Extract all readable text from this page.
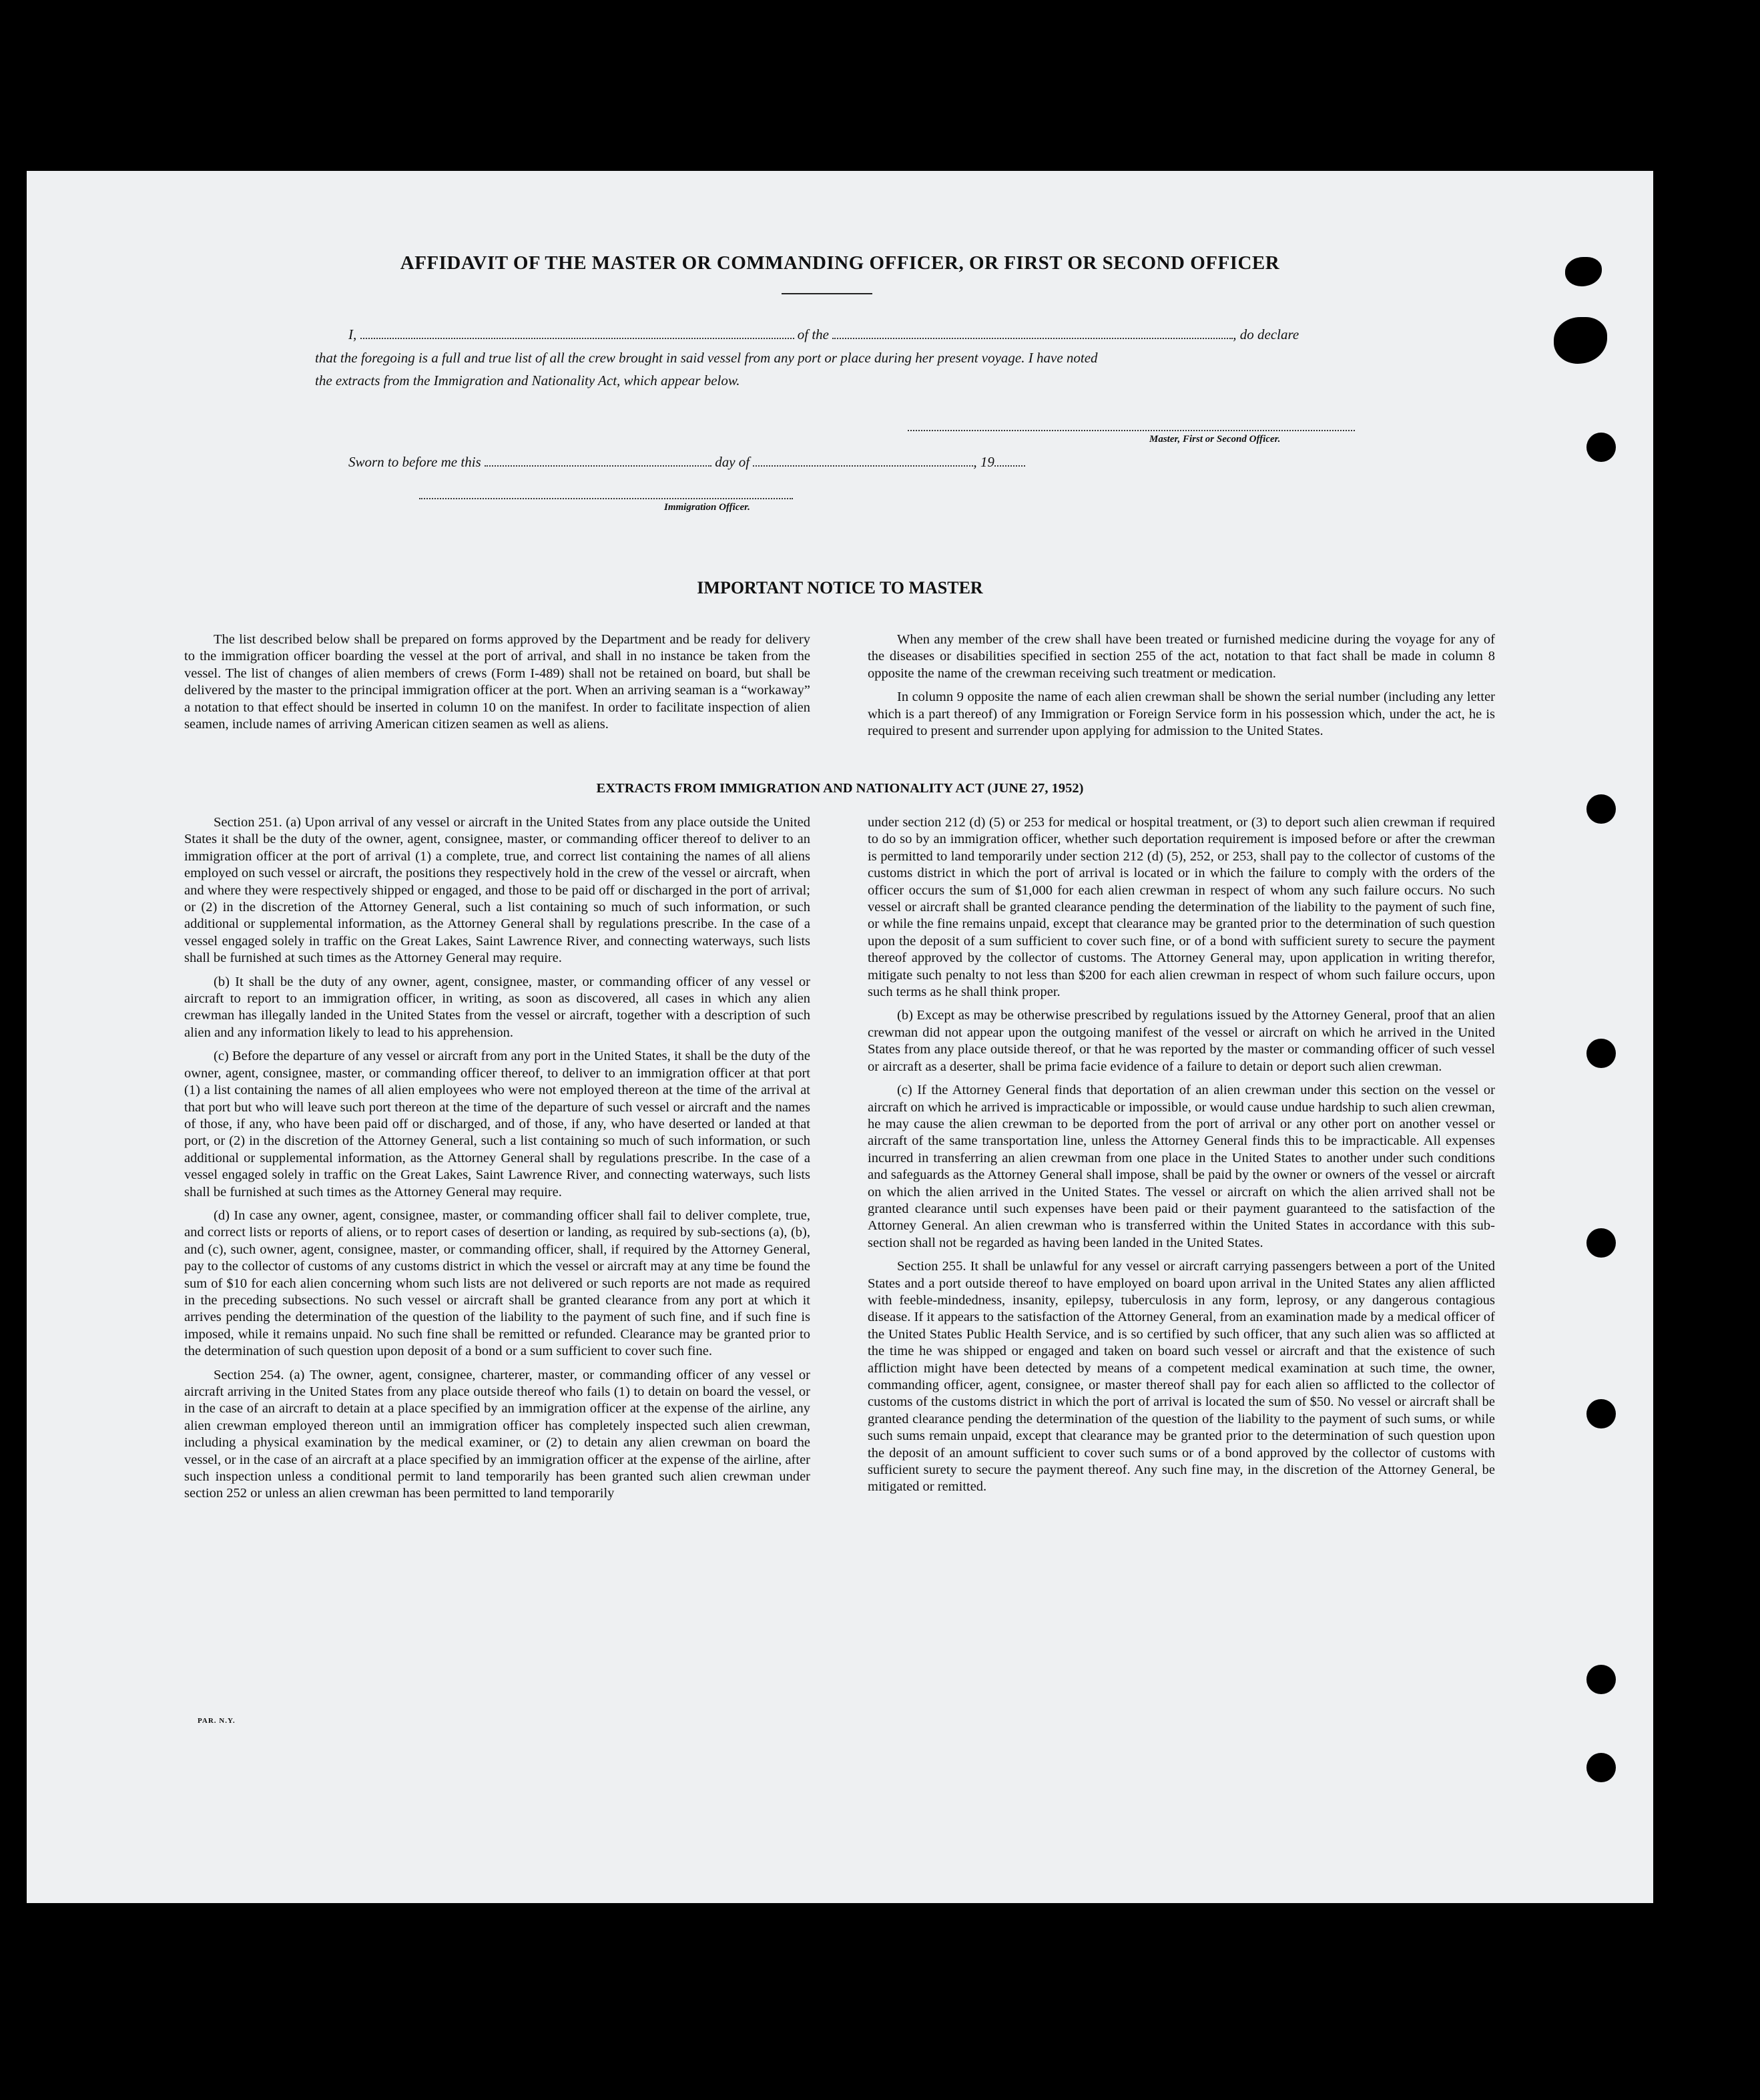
AFFIDAVIT OF THE MASTER OR COMMANDING OFFICER, OR FIRST OR SECOND OFFICER
I,	of the	, do declare
that the foregoing is a full and true list of all the crew brought in said vessel from any port or place during her present voyage. I have noted
the extracts from the Immigration and Nationality Act, which appear below.
Master, First or Second Officer.
Sworn to before me this	day of	, 19
Immigration Officer.
IMPORTANT NOTICE TO MASTER

The list described below shall be prepared on forms approved by the Department and be ready for delivery to the immigration officer boarding the vessel at the port of arrival, and shall in no instance be taken from the vessel. The list of changes of alien members of crews (Form I-489) shall not be retained on board, but shall be delivered by the master to the principal immigration officer at the port. When an arriving seaman is a “workaway” a notation to that effect should be inserted in column 10 on the manifest. In order to facilitate inspection of alien seamen, include names of arriving American citizen seamen as well as aliens.

When any member of the crew shall have been treated or furnished medicine during the voyage for any of the diseases or disabilities specified in section 255 of the act, notation to that fact shall be made in column 8 opposite the name of the crewman receiving such treatment or medication.

In column 9 opposite the name of each alien crewman shall be shown the serial number (including any letter which is a part thereof) of any Immigration or Foreign Service form in his possession which, under the act, he is required to present and surrender upon applying for admission to the United States.

EXTRACTS FROM IMMIGRATION AND NATIONALITY ACT (JUNE 27, 1952)

Section 251. (a) Upon arrival of any vessel or aircraft in the United States from any place outside the United States it shall be the duty of the owner, agent, consignee, master, or commanding officer thereof to deliver to an immigration officer at the port of arrival (1) a complete, true, and correct list containing the names of all aliens employed on such vessel or aircraft, the positions they respectively hold in the crew of the vessel or aircraft, when and where they were respectively shipped or engaged, and those to be paid off or discharged in the port of arrival; or (2) in the discretion of the Attorney General, such a list containing so much of such information, or such additional or supplemental information, as the Attorney General shall by regulations prescribe. In the case of a vessel engaged solely in traffic on the Great Lakes, Saint Lawrence River, and connecting waterways, such lists shall be furnished at such times as the Attorney General may require.

(b) It shall be the duty of any owner, agent, consignee, master, or commanding officer of any vessel or aircraft to report to an immigration officer, in writing, as soon as discovered, all cases in which any alien crewman has illegally landed in the United States from the vessel or aircraft, together with a description of such alien and any information likely to lead to his apprehension.

(c) Before the departure of any vessel or aircraft from any port in the United States, it shall be the duty of the owner, agent, consignee, master, or commanding officer thereof, to deliver to an immigration officer at that port (1) a list containing the names of all alien employees who were not employed thereon at the time of the arrival at that port but who will leave such port thereon at the time of the departure of such vessel or aircraft and the names of those, if any, who have been paid off or discharged, and of those, if any, who have deserted or landed at that port, or (2) in the discretion of the Attorney General, such a list containing so much of such information, or such additional or supplemental information, as the Attorney General shall by regulations prescribe. In the case of a vessel engaged solely in traffic on the Great Lakes, Saint Lawrence River, and connecting waterways, such lists shall be furnished at such times as the Attorney General may require.

(d) In case any owner, agent, consignee, master, or commanding officer shall fail to deliver complete, true, and correct lists or reports of aliens, or to report cases of desertion or landing, as required by sub-sections (a), (b), and (c), such owner, agent, consignee, master, or commanding officer, shall, if required by the Attorney General, pay to the collector of customs of any customs district in which the vessel or aircraft may at any time be found the sum of $10 for each alien concerning whom such lists are not delivered or such reports are not made as required in the preceding subsections. No such vessel or aircraft shall be granted clearance from any port at which it arrives pending the determination of the question of the liability to the payment of such fine, and if such fine is imposed, while it remains unpaid. No such fine shall be remitted or refunded. Clearance may be granted prior to the determination of such question upon deposit of a bond or a sum sufficient to cover such fine.

Section 254. (a) The owner, agent, consignee, charterer, master, or commanding officer of any vessel or aircraft arriving in the United States from any place outside thereof who fails (1) to detain on board the vessel, or in the case of an aircraft to detain at a place specified by an immigration officer at the expense of the airline, any alien crewman employed thereon until an immigration officer has completely inspected such alien crewman, including a physical examination by the medical examiner, or (2) to detain any alien crewman on board the vessel, or in the case of an aircraft at a place specified by an immigration officer at the expense of the airline, after such inspection unless a conditional permit to land temporarily has been granted such alien crewman under section 252 or unless an alien crewman has been permitted to land temporarily

under section 212 (d) (5) or 253 for medical or hospital treatment, or (3) to deport such alien crewman if required to do so by an immigration officer, whether such deportation requirement is imposed before or after the crewman is permitted to land temporarily under section 212 (d) (5), 252, or 253, shall pay to the collector of customs of the customs district in which the port of arrival is located or in which the failure to comply with the orders of the officer occurs the sum of $1,000 for each alien crewman in respect of whom any such failure occurs. No such vessel or aircraft shall be granted clearance pending the determination of the liability to the payment of such fine, or while the fine remains unpaid, except that clearance may be granted prior to the determination of such question upon the deposit of a sum sufficient to cover such fine, or of a bond with sufficient surety to secure the payment thereof approved by the collector of customs. The Attorney General may, upon application in writing therefor, mitigate such penalty to not less than $200 for each alien crewman in respect of whom such failure occurs, upon such terms as he shall think proper.

(b) Except as may be otherwise prescribed by regulations issued by the Attorney General, proof that an alien crewman did not appear upon the outgoing manifest of the vessel or aircraft on which he arrived in the United States from any place outside thereof, or that he was reported by the master or commanding officer of such vessel or aircraft as a deserter, shall be prima facie evidence of a failure to detain or deport such alien crewman.

(c) If the Attorney General finds that deportation of an alien crewman under this section on the vessel or aircraft on which he arrived is impracticable or impossible, or would cause undue hardship to such alien crewman, he may cause the alien crewman to be deported from the port of arrival or any other port on another vessel or aircraft of the same transportation line, unless the Attorney General finds this to be impracticable. All expenses incurred in transferring an alien crewman from one place in the United States to another under such conditions and safeguards as the Attorney General shall impose, shall be paid by the owner or owners of the vessel or aircraft on which the alien arrived in the United States. The vessel or aircraft on which the alien arrived shall not be granted clearance until such expenses have been paid or their payment guaranteed to the satisfaction of the Attorney General. An alien crewman who is transferred within the United States in accordance with this sub-section shall not be regarded as having been landed in the United States.

Section 255. It shall be unlawful for any vessel or aircraft carrying passengers between a port of the United States and a port outside thereof to have employed on board upon arrival in the United States any alien afflicted with feeble-mindedness, insanity, epilepsy, tuberculosis in any form, leprosy, or any dangerous contagious disease. If it appears to the satisfaction of the Attorney General, from an examination made by a medical officer of the United States Public Health Service, and is so certified by such officer, that any such alien was so afflicted at the time he was shipped or engaged and taken on board such vessel or aircraft and that the existence of such affliction might have been detected by means of a competent medical examination at such time, the owner, commanding officer, agent, consignee, or master thereof shall pay for each alien so afflicted to the collector of customs of the customs district in which the port of arrival is located the sum of $50. No vessel or aircraft shall be granted clearance pending the determination of the question of the liability to the payment of such sums, or while such sums remain unpaid, except that clearance may be granted prior to the determination of such question upon the deposit of an amount sufficient to cover such sums or of a bond approved by the collector of customs with sufficient surety to secure the payment thereof. Any such fine may, in the discretion of the Attorney General, be mitigated or remitted.

PAR. N.Y.
